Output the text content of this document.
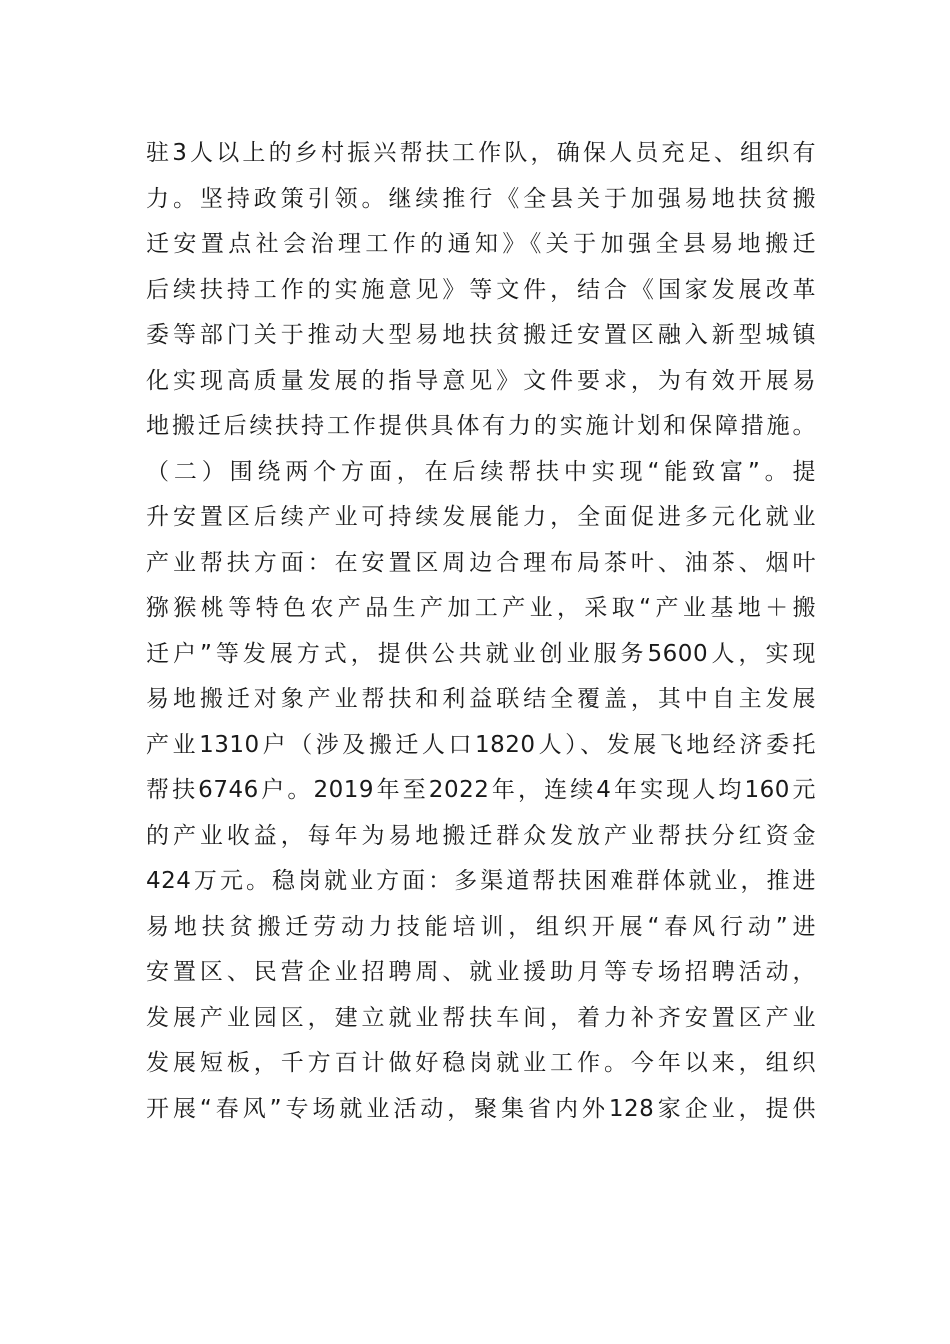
驻3人以上的乡村振兴帮扶工作队，确保人员充足、组织有
力。坚持政策引领。继续推行《全县关于加强易地扶贫搬
迁安置点社会治理工作的通知》《关于加强全县易地搬迁
后续扶持工作的实施意见》等文件，结合《国家发展改革
委等部门关于推动大型易地扶贫搬迁安置区融入新型城镇
化实现高质量发展的指导意见》文件要求，为有效开展易
地搬迁后续扶持工作提供具体有力的实施计划和保障措施。
（二）围绕两个方面，在后续帮扶中实现“能致富”。提
升安置区后续产业可持续发展能力，全面促进多元化就业
产业帮扶方面：在安置区周边合理布局茶叶、油茶、烟叶
猕猴桃等特色农产品生产加工产业，采取“产业基地＋搬
迁户”等发展方式，提供公共就业创业服务5600人，实现
易地搬迁对象产业帮扶和利益联结全覆盖，其中自主发展
产业1310户（涉及搬迁人口1820人）、发展飞地经济委托
帮扶6746户。2019年至2022年，连续4年实现人均160元
的产业收益，每年为易地搬迁群众发放产业帮扶分红资金
424万元。稳岗就业方面：多渠道帮扶困难群体就业，推进
易地扶贫搬迁劳动力技能培训，组织开展“春风行动”进
安置区、民营企业招聘周、就业援助月等专场招聘活动，
发展产业园区，建立就业帮扶车间，着力补齐安置区产业
发展短板，千方百计做好稳岗就业工作。今年以来，组织
开展“春风”专场就业活动，聚集省内外128家企业，提供
